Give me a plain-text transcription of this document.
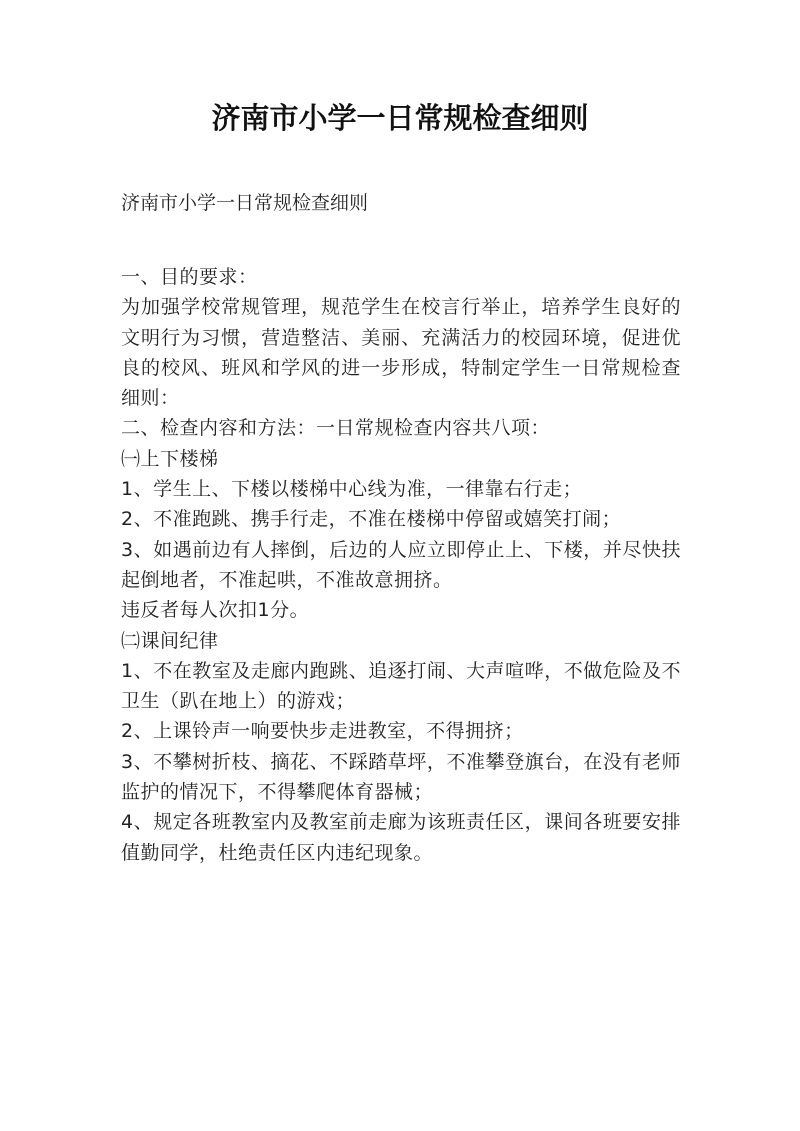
济南市小学一日常规检查细则

济南市小学一日常规检查细则

一、目的要求：

为加强学校常规管理，规范学生在校言行举止，培养学生良好的文明行为习惯，营造整洁、美丽、充满活力的校园环境，促进优良的校风、班风和学风的进一步形成，特制定学生一日常规检查细则：

二、检查内容和方法：一日常规检查内容共八项：

㈠上下楼梯

1、学生上、下楼以楼梯中心线为准，一律靠右行走；

2、不准跑跳、携手行走，不准在楼梯中停留或嬉笑打闹；

3、如遇前边有人摔倒，后边的人应立即停止上、下楼，并尽快扶起倒地者，不准起哄，不准故意拥挤。

违反者每人次扣1分。

㈡课间纪律

1、不在教室及走廊内跑跳、追逐打闹、大声喧哗，不做危险及不卫生（趴在地上）的游戏；

2、上课铃声一响要快步走进教室，不得拥挤；

3、不攀树折枝、摘花、不踩踏草坪，不准攀登旗台，在没有老师监护的情况下，不得攀爬体育器械；

4、规定各班教室内及教室前走廊为该班责任区，课间各班要安排值勤同学，杜绝责任区内违纪现象。
